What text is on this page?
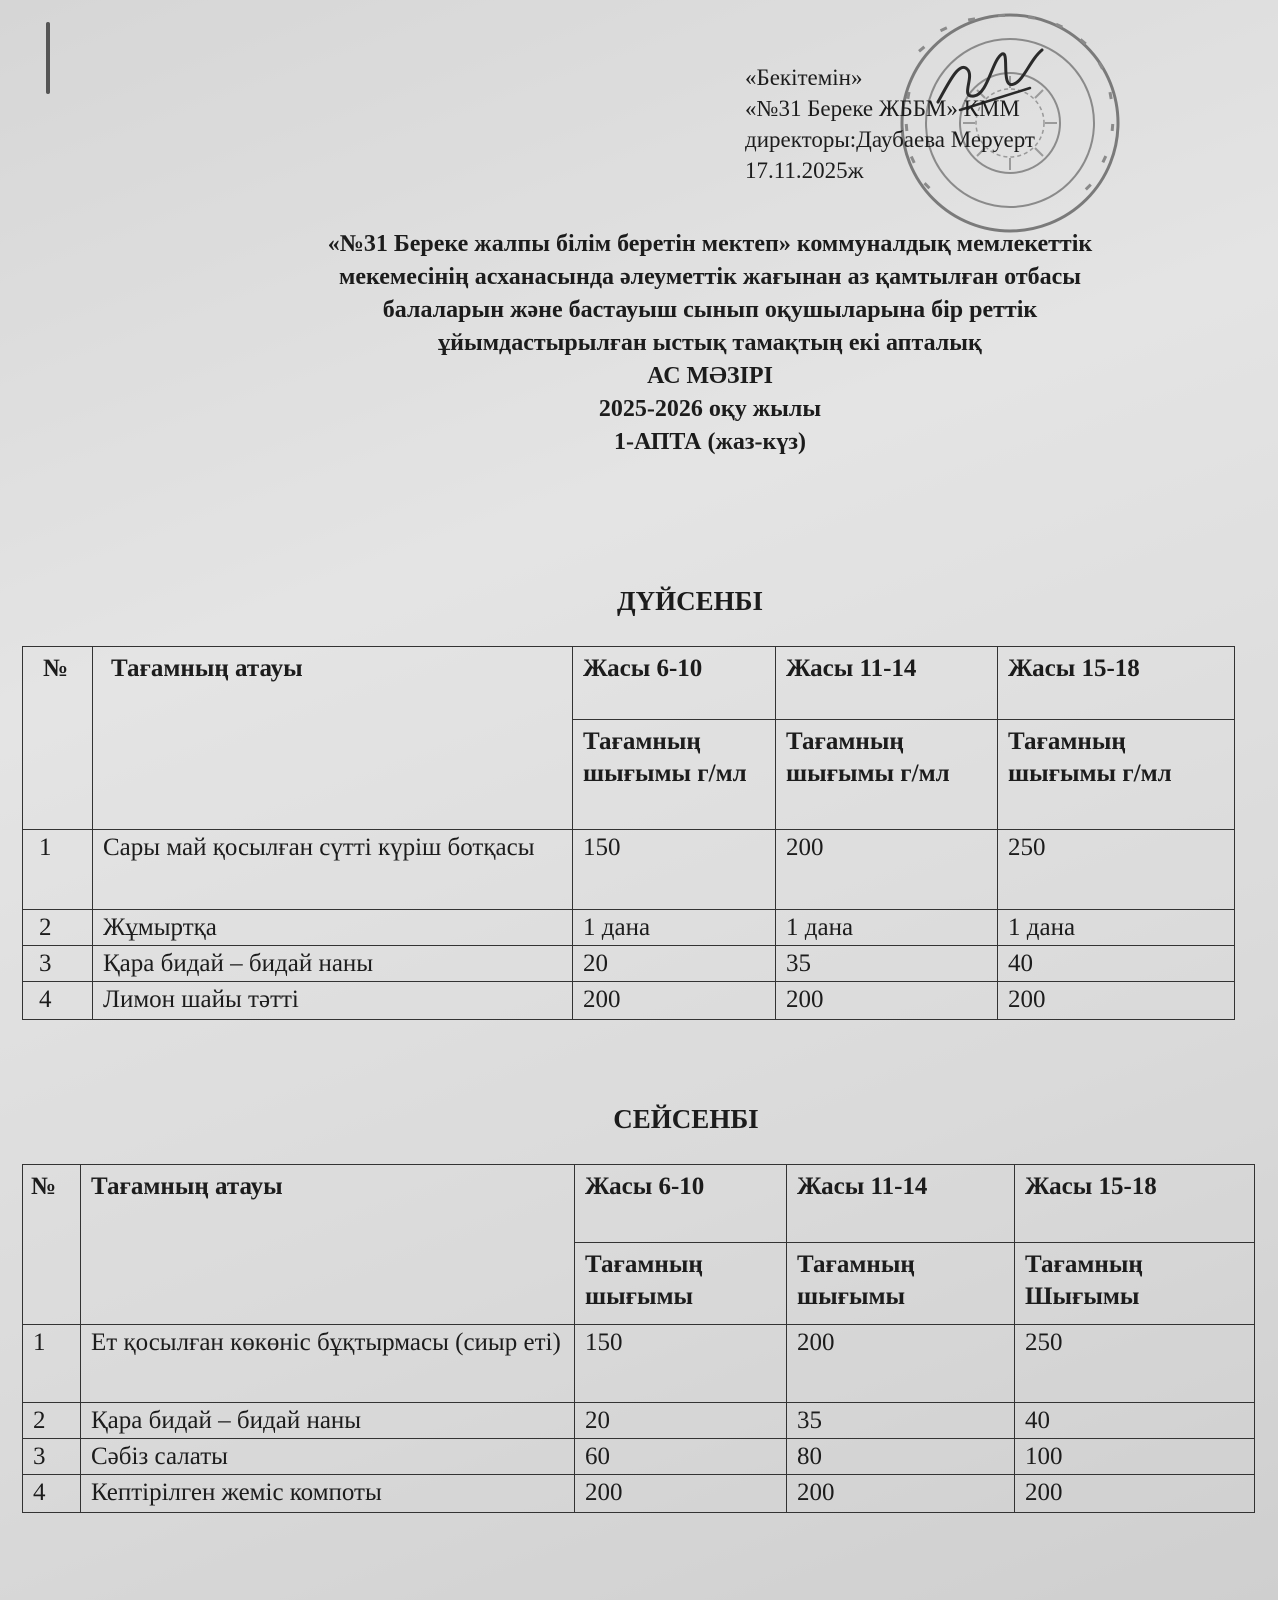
«Бекітемін»
«№31 Береке ЖББМ» КММ
директоры:Даубаева Меруерт
17.11.2025ж
«№31 Береке жалпы білім беретін мектеп» коммуналдық мемлекеттік
мекемесінің асханасында әлеуметтік жағынан аз қамтылған отбасы
балаларын және бастауыш сынып оқушыларына бір реттік
ұйымдастырылған ыстық тамақтың екі апталық
АС МӘЗІРІ
2025-2026 оқу жылы
1-АПТА (жаз-күз)
ДҮЙСЕНБІ
№	Тағамның атауы	Жасы 6-10	Жасы 11-14	Жасы 15-18
		Тағамның шығымы г/мл	Тағамның шығымы г/мл	Тағамның шығымы г/мл
1	Сары май қосылған сүтті күріш ботқасы	150	200	250
2	Жұмыртқа	1 дана	1 дана	1 дана
3	Қара бидай – бидай наны	20	35	40
4	Лимон шайы тәтті	200	200	200
СЕЙСЕНБІ
№	Тағамның атауы	Жасы 6-10	Жасы 11-14	Жасы 15-18
		Тағамның шығымы	Тағамның шығымы	Тағамның Шығымы
1	Ет қосылған көкөніс бұқтырмасы (сиыр еті)	150	200	250
2	Қара бидай – бидай наны	20	35	40
3	Сәбіз салаты	60	80	100
4	Кептірілген жеміс компоты	200	200	200
